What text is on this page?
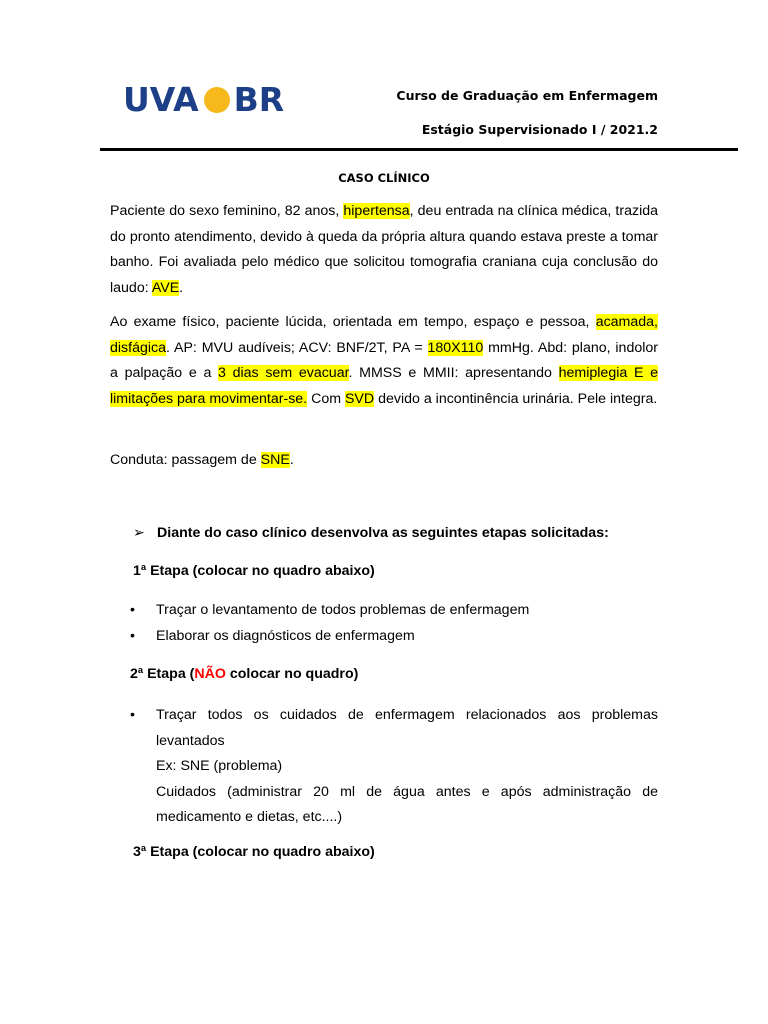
UVA BR	Curso de Graduação em Enfermagem
Estágio Supervisionado I / 2021.2
CASO CLÍNICO
Paciente do sexo feminino, 82 anos, hipertensa, deu entrada na clínica médica, trazida do pronto atendimento, devido à queda da própria altura quando estava preste a tomar banho. Foi avaliada pelo médico que solicitou tomografia craniana cuja conclusão do laudo: AVE.
Ao exame físico, paciente lúcida, orientada em tempo, espaço e pessoa, acamada, disfágica. AP: MVU audíveis; ACV: BNF/2T, PA = 180X110 mmHg. Abd: plano, indolor a palpação e a 3 dias sem evacuar. MMSS e MMII: apresentando hemiplegia E e limitações para movimentar-se. Com SVD devido a incontinência urinária. Pele integra.
Conduta: passagem de SNE.
➢ Diante do caso clínico desenvolva as seguintes etapas solicitadas:
1ª Etapa (colocar no quadro abaixo)
• Traçar o levantamento de todos problemas de enfermagem
• Elaborar os diagnósticos de enfermagem
2ª Etapa (NÃO colocar no quadro)
• Traçar todos os cuidados de enfermagem relacionados aos problemas levantados
Ex: SNE (problema)
Cuidados (administrar 20 ml de água antes e após administração de medicamento e dietas, etc....)
3ª Etapa (colocar no quadro abaixo)
